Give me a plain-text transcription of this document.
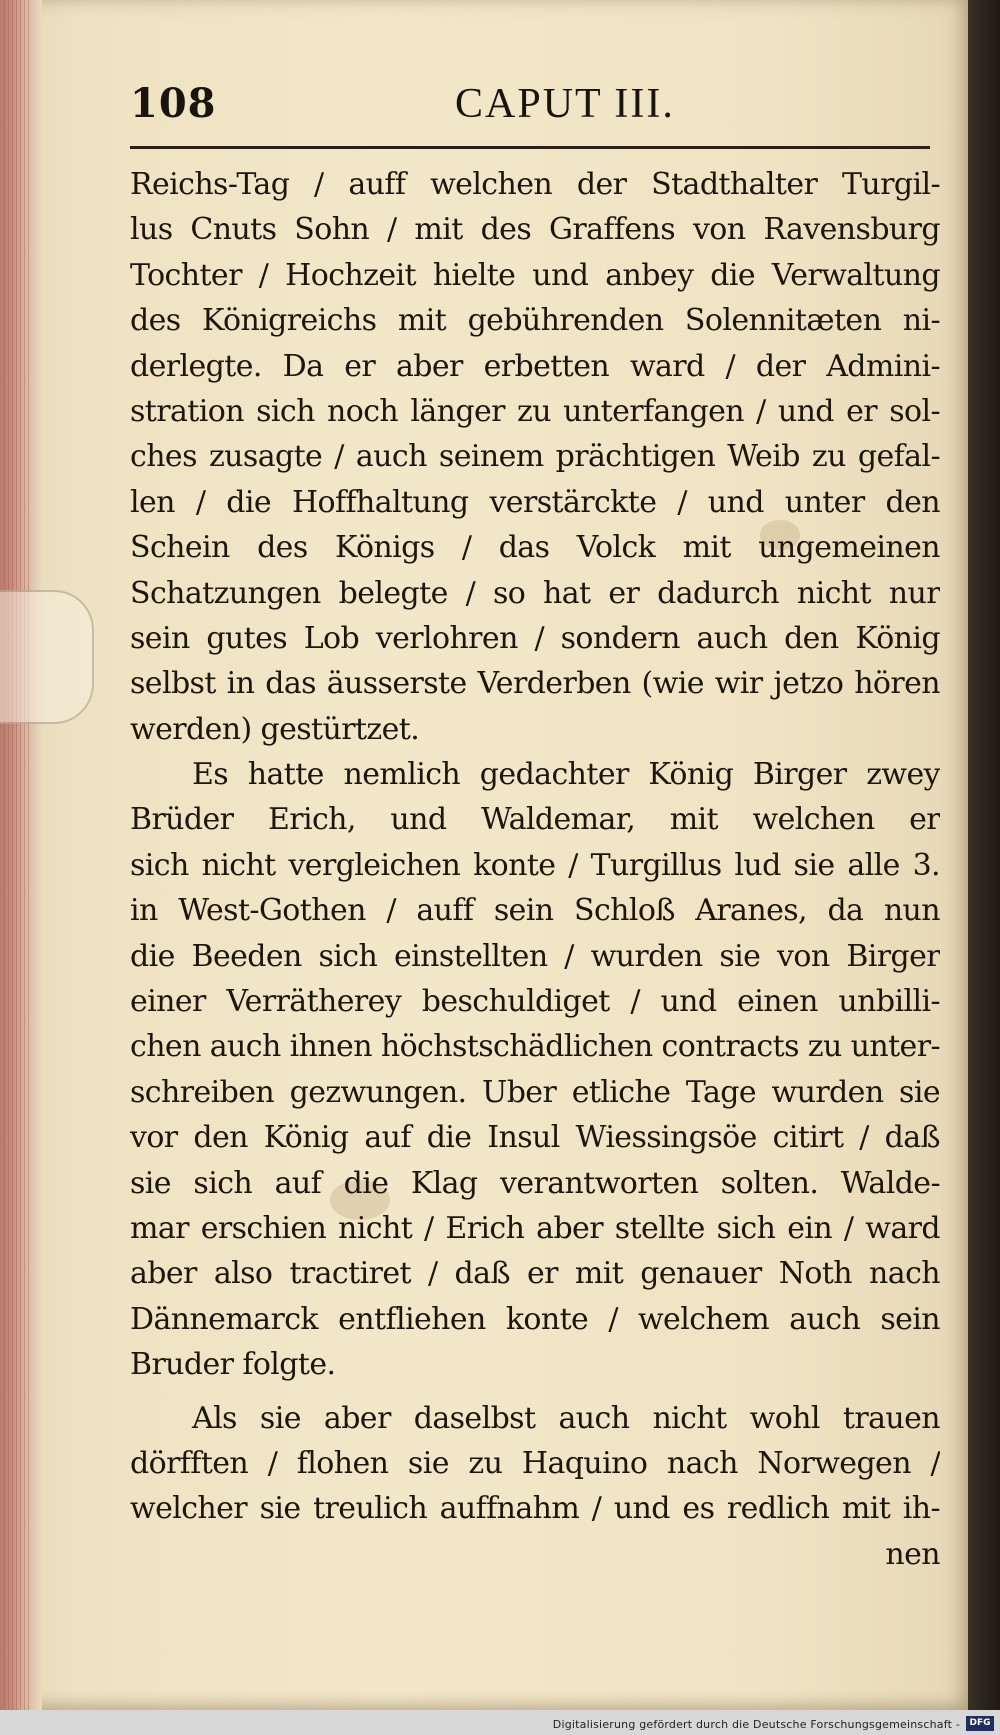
108	CAPUT III.
Reichs-Tag / auff welchen der Stadthalter Turgil-
lus Cnuts Sohn / mit des Graffens von Ravensburg
Tochter / Hochzeit hielte und anbey die Verwaltung
des Königreichs mit gebührenden Solennitæten ni-
derlegte. Da er aber erbetten ward / der Admini-
stration sich noch länger zu unterfangen / und er sol-
ches zusagte / auch seinem prächtigen Weib zu gefal-
len / die Hoffhaltung verstärckte / und unter den
Schein des Königs / das Volck mit ungemeinen
Schatzungen belegte / so hat er dadurch nicht nur
sein gutes Lob verlohren / sondern auch den König
selbst in das äusserste Verderben (wie wir jetzo hören
werden) gestürtzet.
Es hatte nemlich gedachter König Birger zwey
Brüder Erich, und Waldemar, mit welchen er
sich nicht vergleichen konte / Turgillus lud sie alle 3.
in West-Gothen / auff sein Schloß Aranes, da nun
die Beeden sich einstellten / wurden sie von Birger
einer Verrätherey beschuldiget / und einen unbilli-
chen auch ihnen höchstschädlichen contracts zu unter-
schreiben gezwungen. Uber etliche Tage wurden sie
vor den König auf die Insul Wiessingsöe citirt / daß
sie sich auf die Klag verantworten solten. Walde-
mar erschien nicht / Erich aber stellte sich ein / ward
aber also tractiret / daß er mit genauer Noth nach
Dännemarck entfliehen konte / welchem auch sein
Bruder folgte.
Als sie aber daselbst auch nicht wohl trauen
dörfften / flohen sie zu Haquino nach Norwegen /
welcher sie treulich auffnahm / und es redlich mit ih-
nen
Digitalisierung gefördert durch die Deutsche Forschungsgemeinschaft -	DFG
